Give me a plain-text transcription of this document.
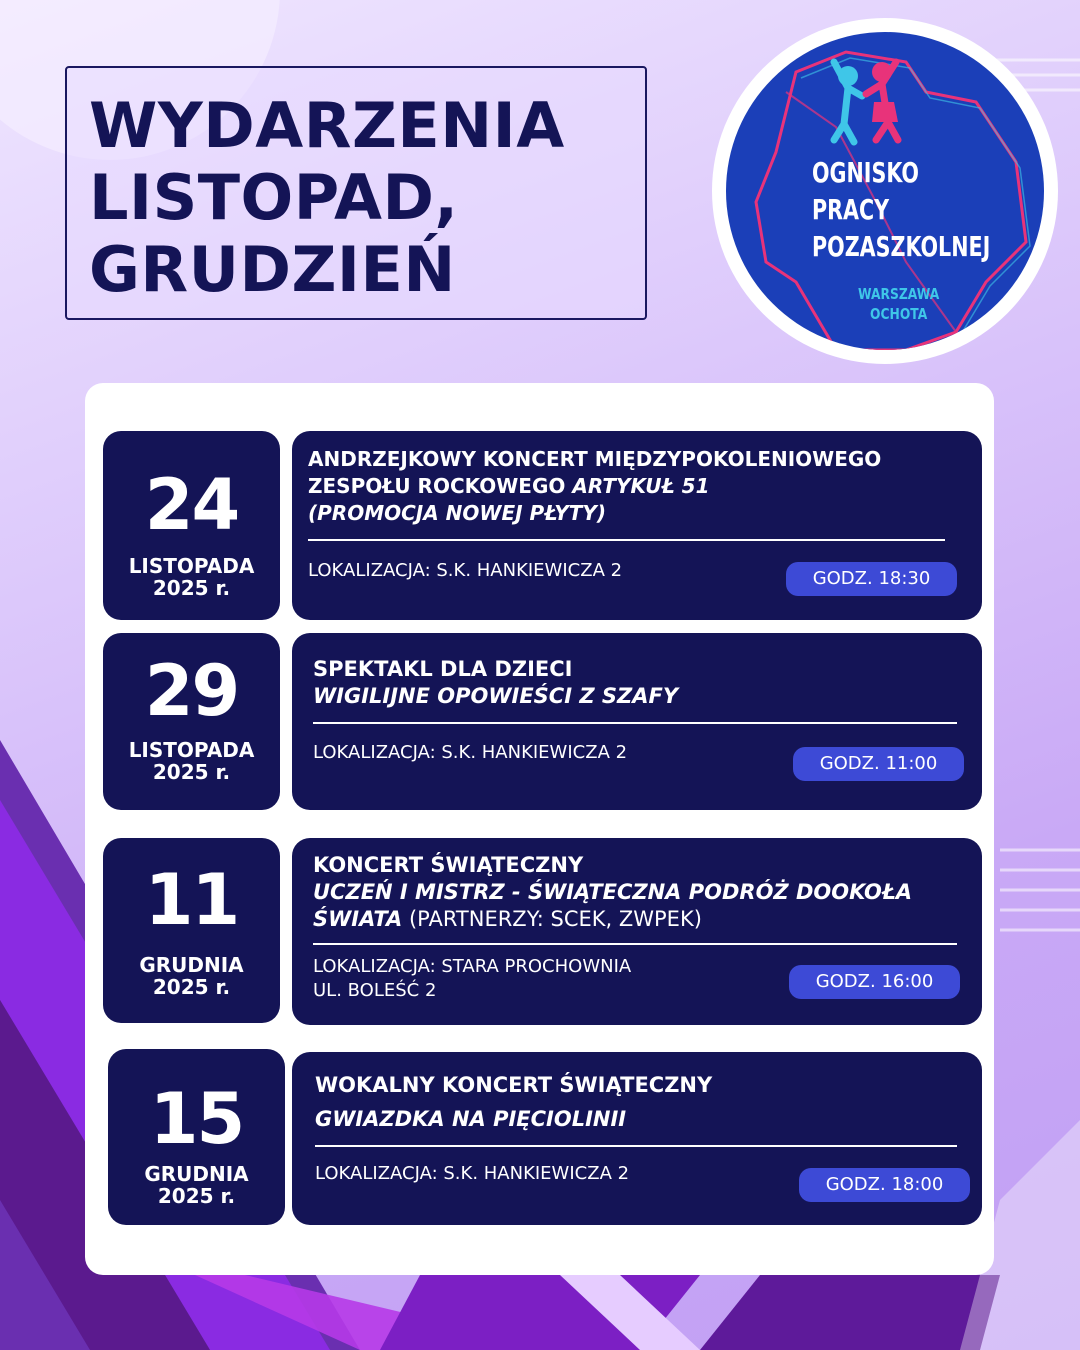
WYDARZENIA
LISTOPAD,
GRUDZIEŃ
OGNISKO
PRACY
POZASZKOLNEJ
WARSZAWA
OCHOTA
24
LISTOPADA
2025 r.
ANDRZEJKOWY KONCERT MIĘDZYPOKOLENIOWEGO
ZESPOŁU ROCKOWEGO ARTYKUŁ 51
(PROMOCJA NOWEJ PŁYTY)
LOKALIZACJA: S.K. HANKIEWICZA 2	GODZ. 18:30
29
LISTOPADA
2025 r.
SPEKTAKL DLA DZIECI
WIGILIJNE OPOWIEŚCI Z SZAFY
LOKALIZACJA: S.K. HANKIEWICZA 2
GODZ. 11:00
11
GRUDNIA
2025 r.
KONCERT ŚWIĄTECZNY
UCZEŃ I MISTRZ - ŚWIĄTECZNA PODRÓŻ DOOKOŁA
ŚWIATA (PARTNERZY: SCEK, ZWPEK)
LOKALIZACJA: STARA PROCHOWNIA
UL. BOLEŚĆ 2	GODZ. 16:00
15
GRUDNIA
2025 r.
WOKALNY KONCERT ŚWIĄTECZNY
GWIAZDKA NA PIĘCIOLINII
LOKALIZACJA: S.K. HANKIEWICZA 2
GODZ. 18:00
